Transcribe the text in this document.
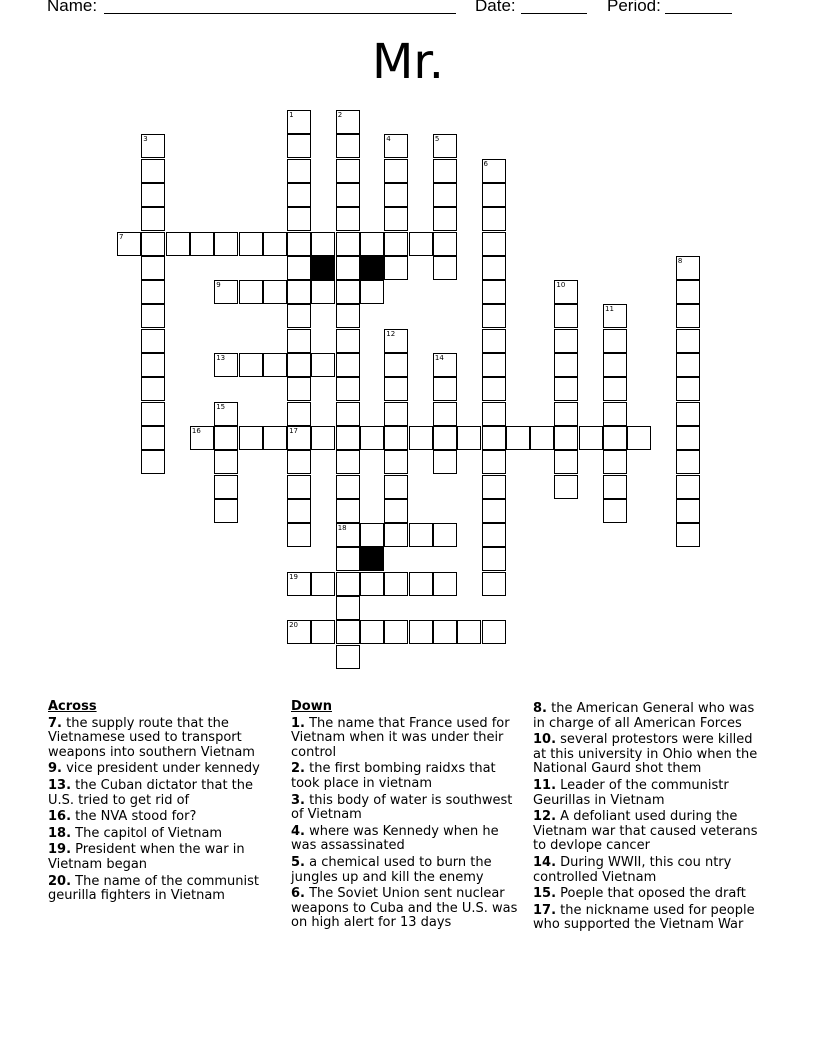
Name:	Date:	Period:
Mr.
1
17
2
18
3	4	5
6
8
10
11
12
14
15
7
9
13
16
19
20
Across
7. the supply route that the Vietnamese used to transport weapons into southern Vietnam
9. vice president under kennedy
13. the Cuban dictator that the U.S. tried to get rid of
16. the NVA stood for?
18. The capitol of Vietnam
19. President when the war in Vietnam began
20. The name of the communist geurilla fighters in Vietnam
Down
1. The name that France used for Vietnam when it was under their control
2. the first bombing raidxs that took place in vietnam
3. this body of water is southwest of Vietnam
4. where was Kennedy when he was assassinated
5. a chemical used to burn the jungles up and kill the enemy
6. The Soviet Union sent nuclear weapons to Cuba and the U.S. was on high alert for 13 days
8. the American General who was in charge of all American Forces
10. several protestors were killed at this university in Ohio when the National Gaurd shot them
11. Leader of the communistr Geurillas in Vietnam
12. A defoliant used during the Vietnam war that caused veterans to devlope cancer
14. During WWII, this cou ntry controlled Vietnam
15. Poeple that oposed the draft
17. the nickname used for people who supported the Vietnam War
